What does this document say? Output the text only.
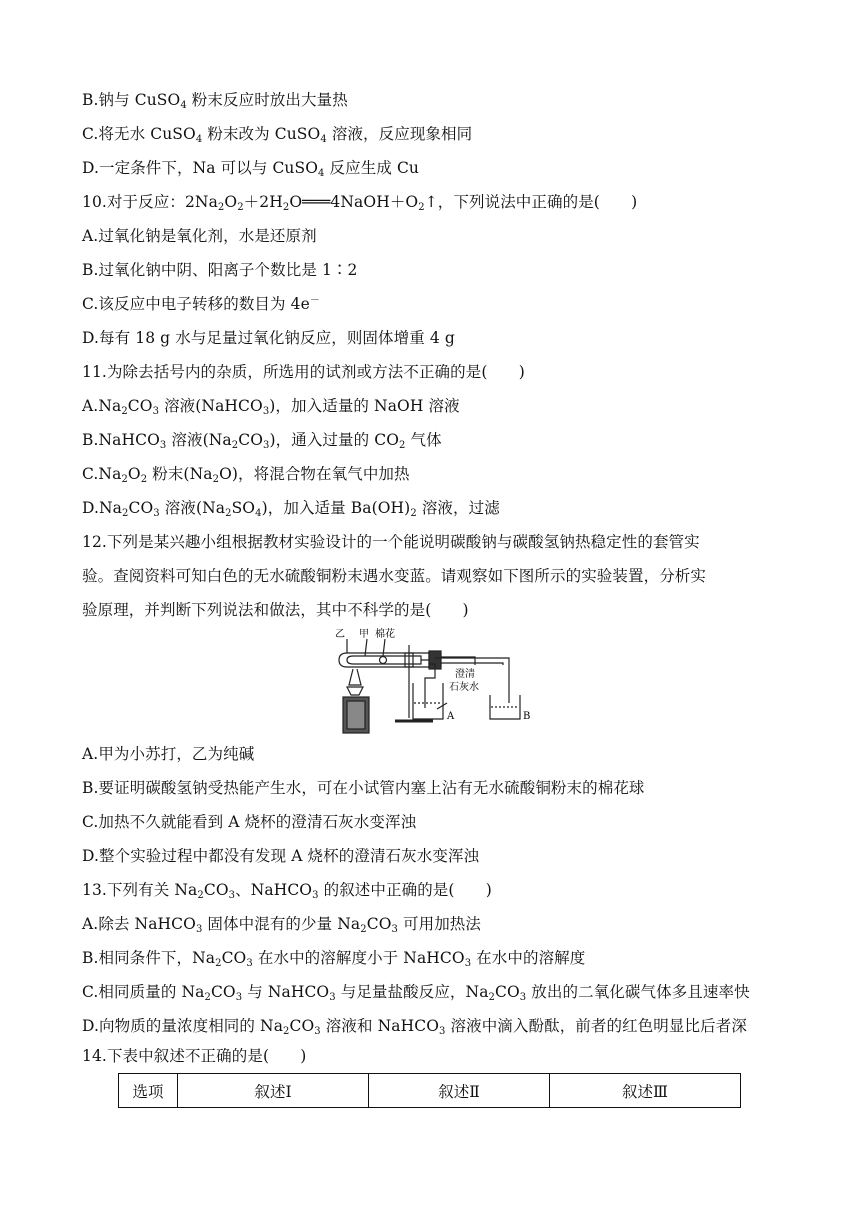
B.钠与 CuSO$_4$ 粉末反应时放出大量热
C.将无水 CuSO$_4$ 粉末改为 CuSO$_4$ 溶液，反应现象相同
D.一定条件下，Na 可以与 CuSO$_4$ 反应生成 Cu
10.对于反应：$2Na_2O_2+2H_2O═══4NaOH+O_2↑$，下列说法中正确的是(　　)
A.过氧化钠是氧化剂，水是还原剂
B.过氧化钠中阴、阳离子个数比是 1∶2
C.该反应中电子转移的数目为 4e－
D.每有 18 g 水与足量过氧化钠反应，则固体增重 4 g
11.为除去括号内的杂质，所选用的试剂或方法不正确的是(　　)
$A.Na_2CO_3$ 溶液(NaHCO$_3$)，加入适量的 NaOH 溶液
B.NaHCO$_3$ 溶液$(Na_2CO_3)$，通入过量的 $CO_2$ 气体
$C.Na_2O_2$ 粉末$(Na_2O)$，将混合物在氧气中加热
$D.Na_2CO_3$ 溶液$(Na_2SO_4)$，加入适量 $Ba(OH)_2$ 溶液，过滤
12.下列是某兴趣小组根据教材实验设计的一个能说明碳酸钠与碳酸氢钠热稳定性的套管实
验。查阅资料可知白色的无水硫酸铜粉末遇水变蓝。请观察如下图所示的实验装置，分析实
验原理，并判断下列说法和做法，其中不科学的是(　　)
乙 甲 棉花
澄清
石灰水
A	B
A.甲为小苏打，乙为纯碱
B.要证明碳酸氢钠受热能产生水，可在小试管内塞上沾有无水硫酸铜粉末的棉花球
C.加热不久就能看到 A 烧杯的澄清石灰水变浑浊
D.整个实验过程中都没有发现 A 烧杯的澄清石灰水变浑浊
13.下列有关 $Na_2CO_3$、NaHCO$_3$ 的叙述中正确的是(　　)
A.除去 NaHCO$_3$ 固体中混有的少量 $Na_2CO_3$ 可用加热法
B.相同条件下，$Na_2CO_3$ 在水中的溶解度小于 NaHCO$_3$ 在水中的溶解度
C.相同质量的 $Na_2CO_3$ 与 NaHCO$_3$ 与足量盐酸反应，$Na_2CO_3$ 放出的二氧化碳气体多且速率快
D.向物质的量浓度相同的 $Na_2CO_3$ 溶液和 NaHCO$_3$ 溶液中滴入酚酞，前者的红色明显比后者深
14.下表中叙述不正确的是(　　)
选项	叙述Ⅰ	叙述Ⅱ	叙述Ⅲ
